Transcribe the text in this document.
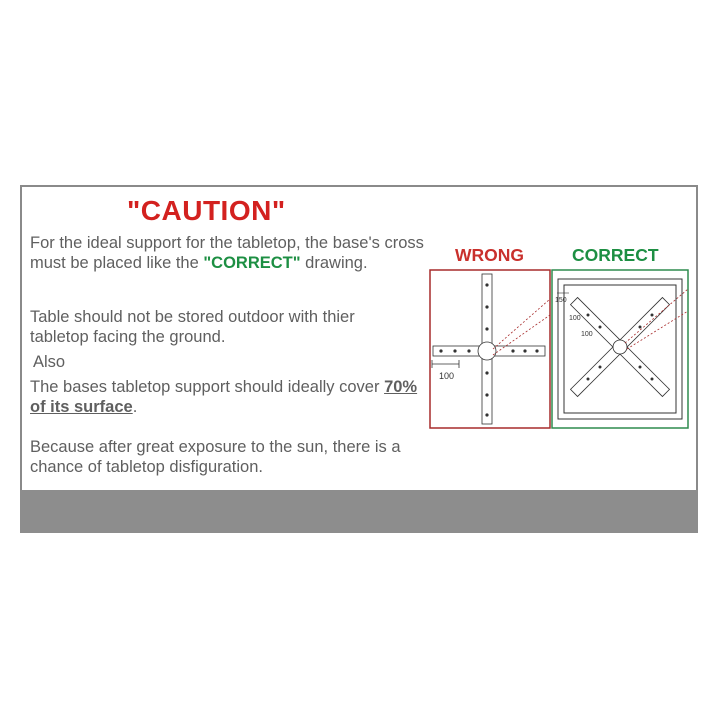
"CAUTION"

For the ideal support for the tabletop, the base's cross must be placed like the "CORRECT" drawing.

Table should not be stored outdoor with thier tabletop facing the ground.

Also

The bases tabletop support should ideally cover 70% of its surface.

Because after great exposure to the sun, there is a chance of tabletop disfiguration.

WRONG	CORRECT
100
150
100
100
